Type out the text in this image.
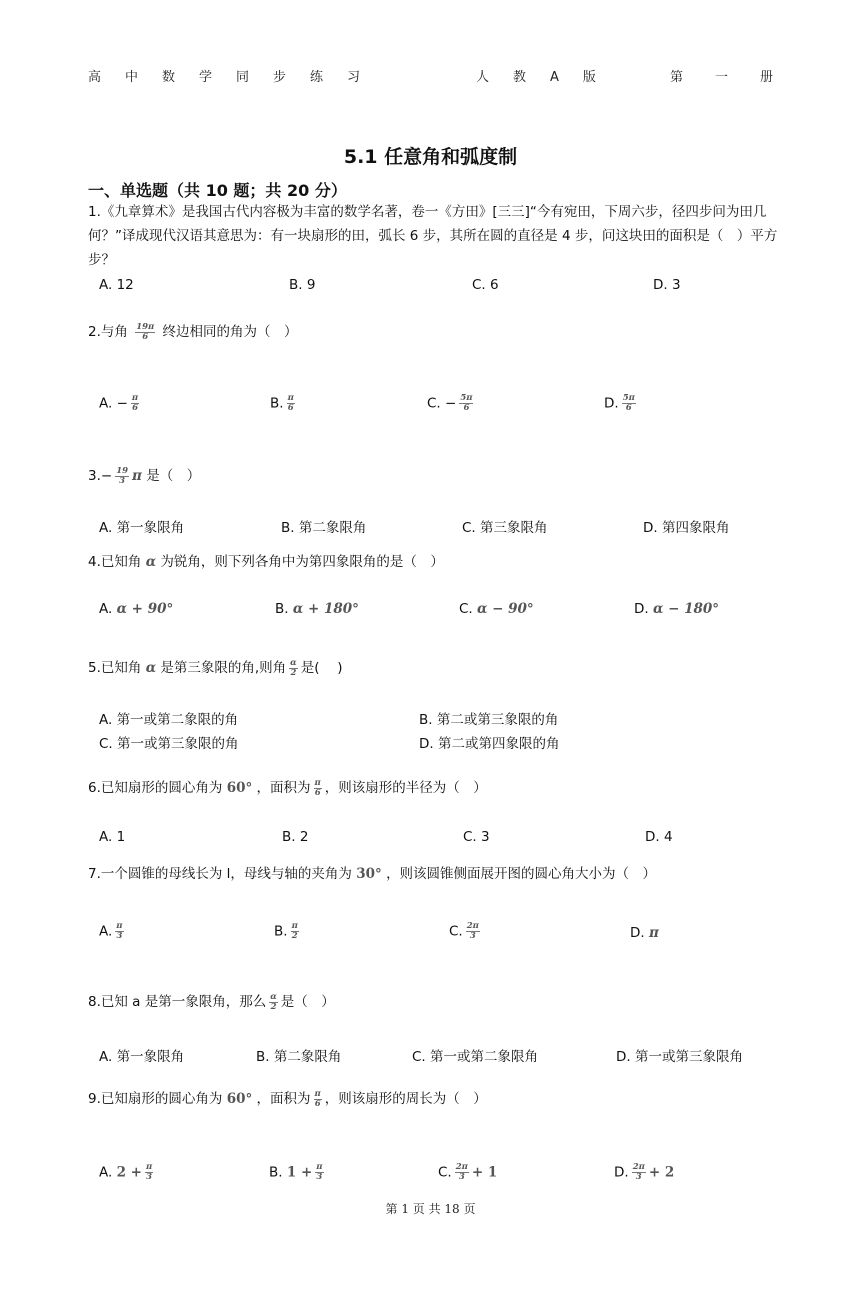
高中数学同步练习	人教A版	第一册
5.1 任意角和弧度制
一、单选题（共 10 题；共 20 分）
1.《九章算术》是我国古代内容极为丰富的数学名著，卷一《方田》[三三]“今有宛田，下周六步，径四步问为田几何？”译成现代汉语其意思为：有一块扇形的田，弧长 6 步，其所在圆的直径是 4 步，问这块田的面积是（　）平方步？
A. 12	B. 9	C. 6	D. 3
2.与角 $\frac{19\pi}{6}$ 终边相同的角为（　）
A. − $\frac{\pi}{6}$	B. $\frac{\pi}{6}$	C. − $\frac{5\pi}{6}$	D. $\frac{5\pi}{6}$
$3.- \frac{19}{3}$ π 是（　）
A. 第一象限角	B. 第二象限角	C. 第三象限角	D. 第四象限角
4.已知角 α 为锐角，则下列各角中为第四象限角的是（　）
A. α + 90°	B. α + 180°	C. α − 90°	D. α − 180°
5.已知角 α 是第三象限的角,则角 $\frac{\alpha}{2}$ 是(　 )
A. 第一或第二象限的角	B. 第二或第三象限的角
C. 第一或第三象限的角	D. 第二或第四象限的角
6.已知扇形的圆心角为 60° ，面积为 $\frac{\pi}{6}$ ，则该扇形的半径为（　）
A. 1	B. 2	C. 3	D. 4
7.一个圆锥的母线长为 l，母线与轴的夹角为 30° ，则该圆锥侧面展开图的圆心角大小为（　）
A. $\frac{\pi}{3}$	B. $\frac{\pi}{2}$	C. $\frac{2\pi}{3}$	D. π
8.已知 a 是第一象限角，那么 $\frac{\alpha}{2}$ 是（　）
A. 第一象限角	B. 第二象限角	C. 第一或第二象限角	D. 第一或第三象限角
9.已知扇形的圆心角为 60° ，面积为 $\frac{\pi}{6}$ ，则该扇形的周长为（　）
A. $2 + \frac{\pi}{3}$	B. $1 + \frac{\pi}{3}$	C. $\frac{2\pi}{3} + 1$	D. $\frac{2\pi}{3} + 2$
第 1 页 共 18 页
